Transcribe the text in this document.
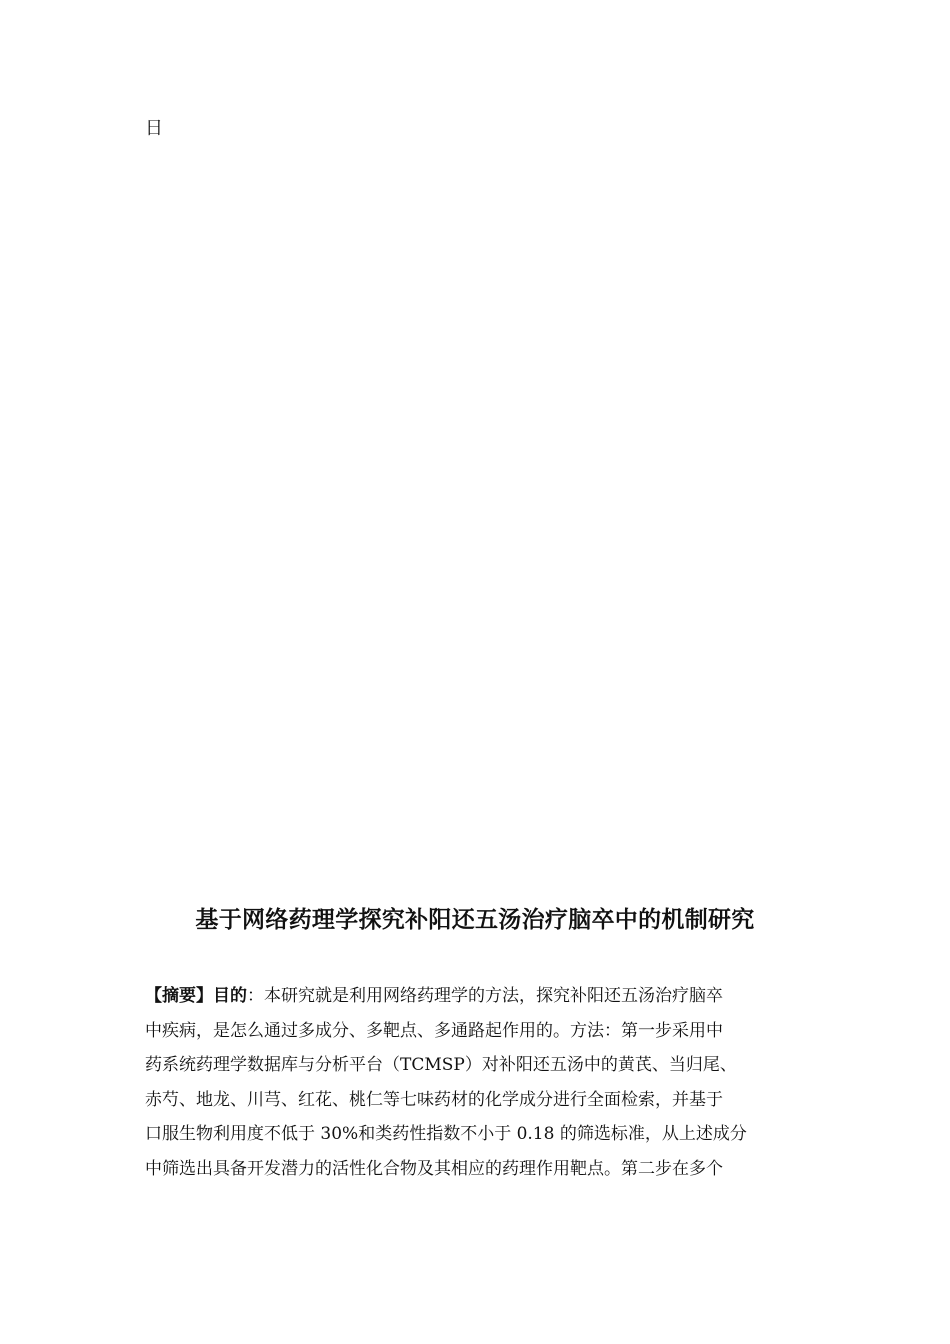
日
基于网络药理学探究补阳还五汤治疗脑卒中的机制研究
【摘要】目的：本研究就是利用网络药理学的方法，探究补阳还五汤治疗脑卒
中疾病，是怎么通过多成分、多靶点、多通路起作用的。方法：第一步采用中
药系统药理学数据库与分析平台（TCMSP）对补阳还五汤中的黄芪、当归尾、
赤芍、地龙、川芎、红花、桃仁等七味药材的化学成分进行全面检索，并基于
口服生物利用度不低于 30%和类药性指数不小于 0.18 的筛选标准，从上述成分
中筛选出具备开发潜力的活性化合物及其相应的药理作用靶点。第二步在多个
